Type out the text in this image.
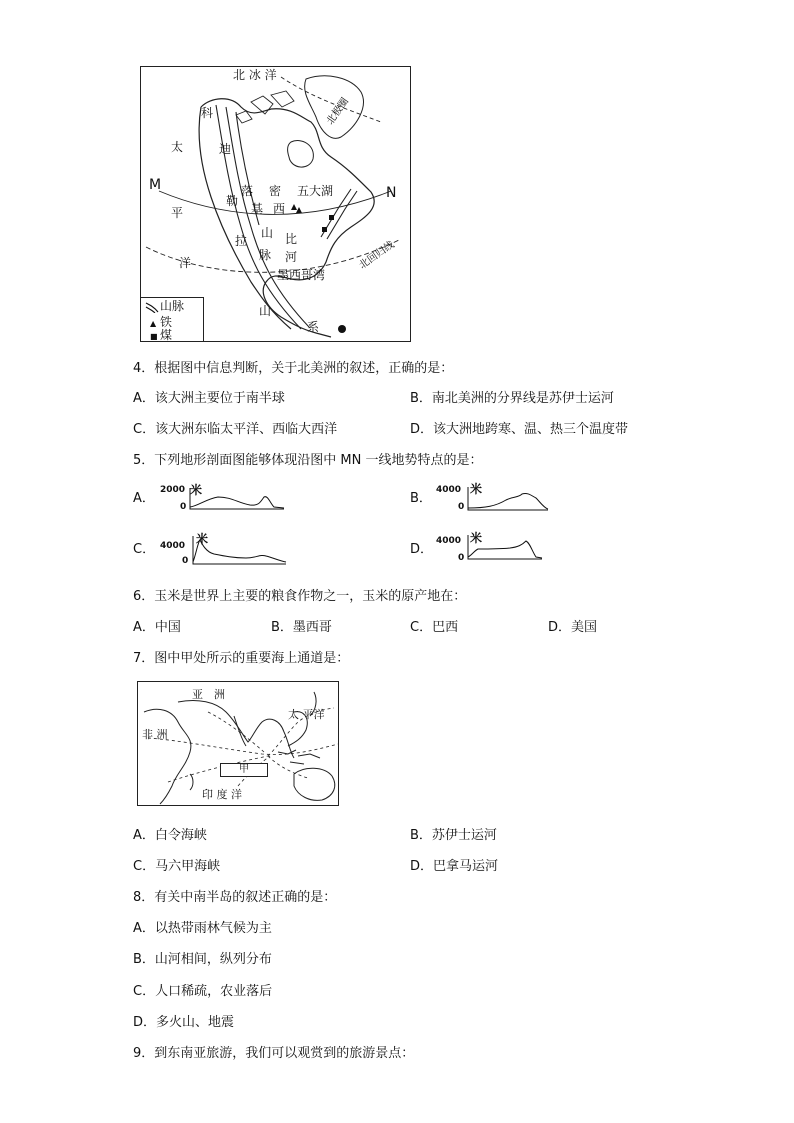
北 冰 洋
北极圈
太
平
洋
M	N
科
迪
勒
拉
山
系
落
基
山
脉
密
西
比
河
五大湖
北回归线
墨西哥湾
山脉
▲ 铁
■ 煤
4．根据图中信息判断，关于北美洲的叙述，正确的是：
A．该大洲主要位于南半球	B．南北美洲的分界线是苏伊士运河
C．该大洲东临太平洋、西临大西洋	D．该大洲地跨寒、温、热三个温度带
5．下列地形剖面图能够体现沿图中 MN 一线地势特点的是：
A．
2000 米
0
B．
4000 米
0
C． 4000 米
0
D．
4000 米
0
6．玉米是世界上主要的粮食作物之一，玉米的原产地在：
A．中国	B．墨西哥	C．巴西	D．美国
7．图中甲处所示的重要海上通道是：
亚　洲
非 洲
太 平洋
印 度 洋
甲
A．白令海峡	B．苏伊士运河
C．马六甲海峡	D．巴拿马运河
8．有关中南半岛的叙述正确的是：
A．以热带雨林气候为主
B．山河相间，纵列分布
C．人口稀疏，农业落后
D．多火山、地震
9．到东南亚旅游，我们可以观赏到的旅游景点：
